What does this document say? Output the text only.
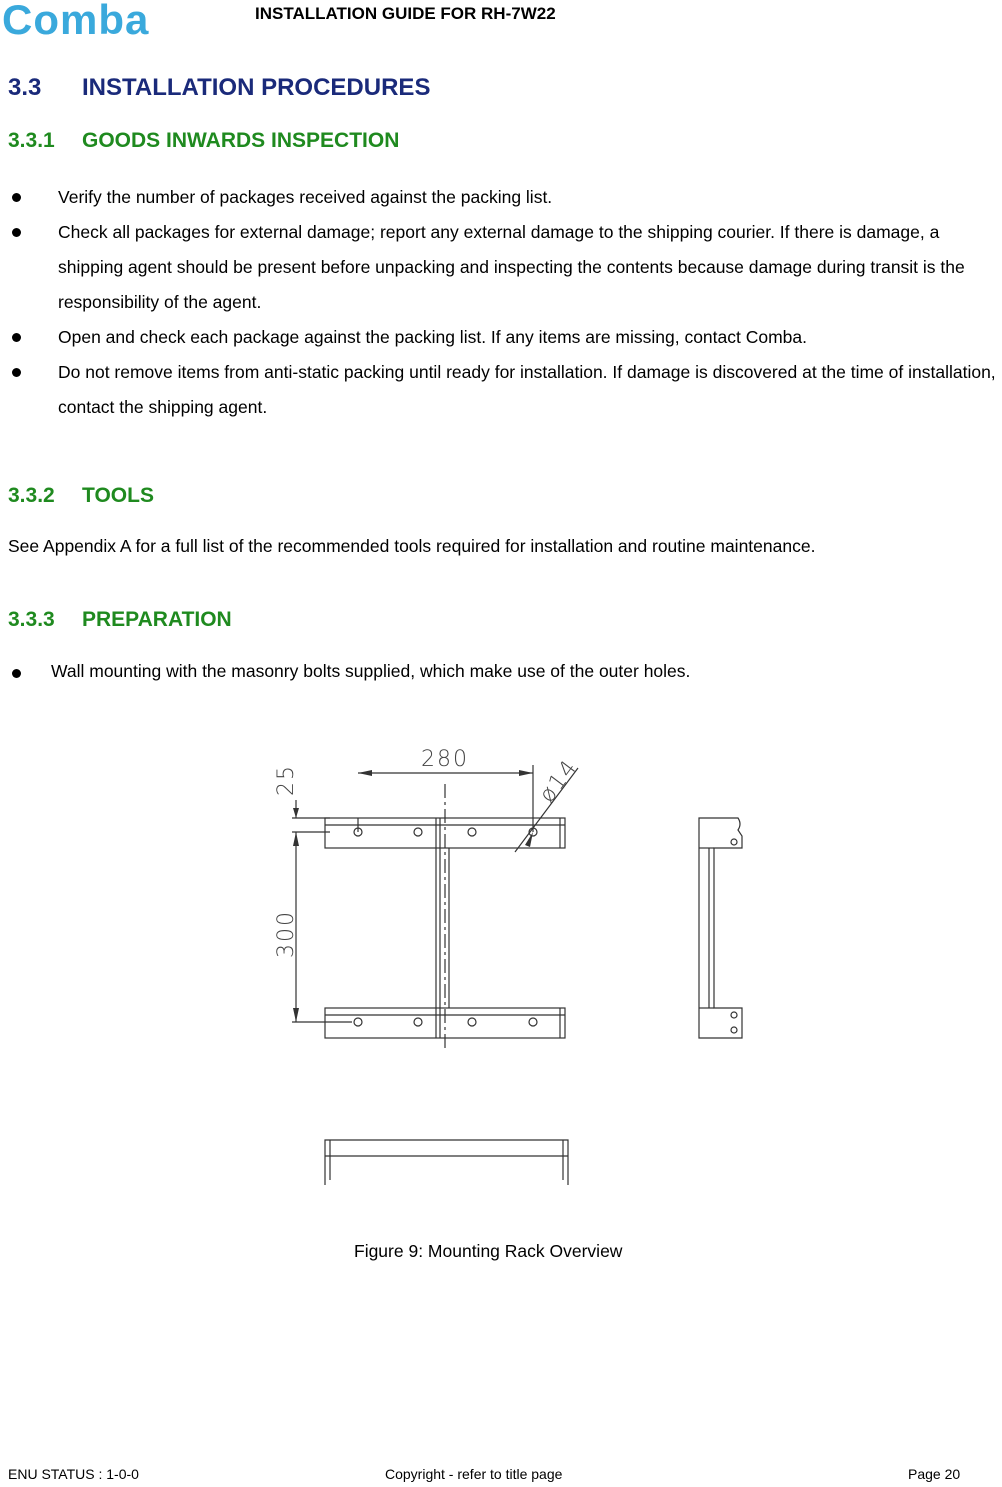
Comba	INSTALLATION GUIDE FOR RH-7W22
3.3 INSTALLATION PROCEDURES
3.3.1 GOODS INWARDS INSPECTION
Verify the number of packages received against the packing list.
Check all packages for external damage; report any external damage to the shipping courier. If there is damage, a shipping agent should be present before unpacking and inspecting the contents because damage during transit is the responsibility of the agent.
Open and check each package against the packing list. If any items are missing, contact Comba.
Do not remove items from anti-static packing until ready for installation. If damage is discovered at the time of installation, contact the shipping agent.
3.3.2 TOOLS
See Appendix A for a full list of the recommended tools required for installation and routine maintenance.
3.3.3 PREPARATION
Wall mounting with the masonry bolts supplied, which make use of the outer holes.
280
25
300
ø14
Figure 9: Mounting Rack Overview
ENU STATUS : 1-0-0	Copyright - refer to title page	Page 20
